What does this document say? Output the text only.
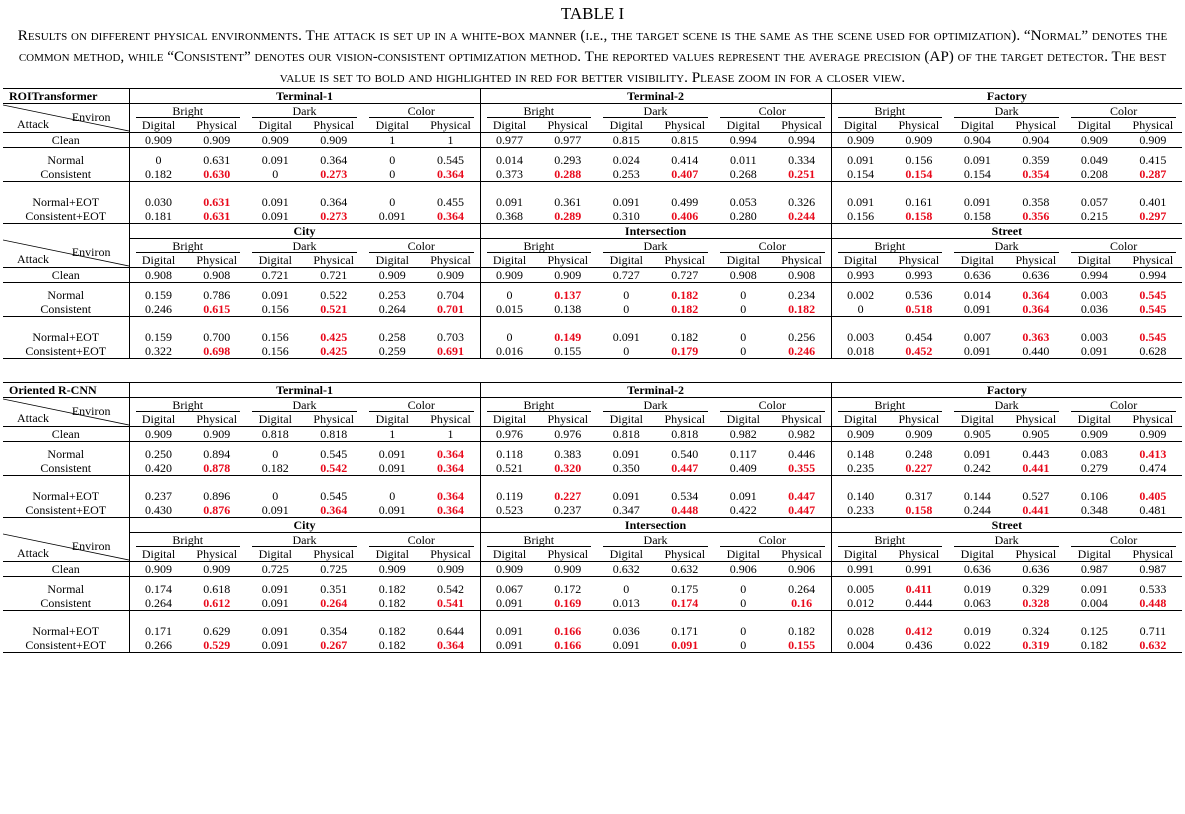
TABLE I
Results on different physical environments. The attack is set up in a white-box manner (i.e., the target scene is the same as the scene used for optimization). “Normal” denotes the common method, while “Consistent” denotes our vision-consistent optimization method. The reported values represent the average precision (AP) of the target detector. The best value is set to bold and highlighted in red for better visibility. Please zoom in for a closer view.
ROITransformer	Terminal-1						Terminal-2						Factory					

Environ
Attack	Bright		Dark		Color		Bright		Dark		Color		Bright		Dark		Color	
	Digital	Physical	Digital	Physical	Digital	Physical	Digital	Physical	Digital	Physical	Digital	Physical	Digital	Physical	Digital	Physical	Digital	Physical
Clean	0.909	0.909	0.909	0.909	1	1	0.977	0.977	0.815	0.815	0.994	0.994	0.909	0.909	0.904	0.904	0.909	0.909
Normal	0	0.631	0.091	0.364	0	0.545	0.014	0.293	0.024	0.414	0.011	0.334	0.091	0.156	0.091	0.359	0.049	0.415
Consistent	0.182	0.630	0	0.273	0	0.364	0.373	0.288	0.253	0.407	0.268	0.251	0.154	0.154	0.154	0.354	0.208	0.287

Normal+EOT	0.030	0.631	0.091	0.364	0	0.455	0.091	0.361	0.091	0.499	0.053	0.326	0.091	0.161	0.091	0.358	0.057	0.401
Consistent+EOT	0.181	0.631	0.091	0.273	0.091	0.364	0.368	0.289	0.310	0.406	0.280	0.244	0.156	0.158	0.158	0.356	0.215	0.297
	City						Intersection						Street					

Environ
Attack	Bright		Dark		Color		Bright		Dark		Color		Bright		Dark		Color	
	Digital	Physical	Digital	Physical	Digital	Physical	Digital	Physical	Digital	Physical	Digital	Physical	Digital	Physical	Digital	Physical	Digital	Physical
Clean	0.908	0.908	0.721	0.721	0.909	0.909	0.909	0.909	0.727	0.727	0.908	0.908	0.993	0.993	0.636	0.636	0.994	0.994
Normal	0.159	0.786	0.091	0.522	0.253	0.704	0	0.137	0	0.182	0	0.234	0.002	0.536	0.014	0.364	0.003	0.545
Consistent	0.246	0.615	0.156	0.521	0.264	0.701	0.015	0.138	0	0.182	0	0.182	0	0.518	0.091	0.364	0.036	0.545

Normal+EOT	0.159	0.700	0.156	0.425	0.258	0.703	0	0.149	0.091	0.182	0	0.256	0.003	0.454	0.007	0.363	0.003	0.545
Consistent+EOT	0.322	0.698	0.156	0.425	0.259	0.691	0.016	0.155	0	0.179	0	0.246	0.018	0.452	0.091	0.440	0.091	0.628
Oriented R-CNN	Terminal-1						Terminal-2						Factory					

Environ
Attack	Bright		Dark		Color		Bright		Dark		Color		Bright		Dark		Color	
	Digital	Physical	Digital	Physical	Digital	Physical	Digital	Physical	Digital	Physical	Digital	Physical	Digital	Physical	Digital	Physical	Digital	Physical
Clean	0.909	0.909	0.818	0.818	1	1	0.976	0.976	0.818	0.818	0.982	0.982	0.909	0.909	0.905	0.905	0.909	0.909
Normal	0.250	0.894	0	0.545	0.091	0.364	0.118	0.383	0.091	0.540	0.117	0.446	0.148	0.248	0.091	0.443	0.083	0.413
Consistent	0.420	0.878	0.182	0.542	0.091	0.364	0.521	0.320	0.350	0.447	0.409	0.355	0.235	0.227	0.242	0.441	0.279	0.474

Normal+EOT	0.237	0.896	0	0.545	0	0.364	0.119	0.227	0.091	0.534	0.091	0.447	0.140	0.317	0.144	0.527	0.106	0.405
Consistent+EOT	0.430	0.876	0.091	0.364	0.091	0.364	0.523	0.237	0.347	0.448	0.422	0.447	0.233	0.158	0.244	0.441	0.348	0.481
	City						Intersection						Street					

Environ
Attack	Bright		Dark		Color		Bright		Dark		Color		Bright		Dark		Color	
	Digital	Physical	Digital	Physical	Digital	Physical	Digital	Physical	Digital	Physical	Digital	Physical	Digital	Physical	Digital	Physical	Digital	Physical
Clean	0.909	0.909	0.725	0.725	0.909	0.909	0.909	0.909	0.632	0.632	0.906	0.906	0.991	0.991	0.636	0.636	0.987	0.987
Normal	0.174	0.618	0.091	0.351	0.182	0.542	0.067	0.172	0	0.175	0	0.264	0.005	0.411	0.019	0.329	0.091	0.533
Consistent	0.264	0.612	0.091	0.264	0.182	0.541	0.091	0.169	0.013	0.174	0	0.16	0.012	0.444	0.063	0.328	0.004	0.448

Normal+EOT	0.171	0.629	0.091	0.354	0.182	0.644	0.091	0.166	0.036	0.171	0	0.182	0.028	0.412	0.019	0.324	0.125	0.711
Consistent+EOT	0.266	0.529	0.091	0.267	0.182	0.364	0.091	0.166	0.091	0.091	0	0.155	0.004	0.436	0.022	0.319	0.182	0.632
